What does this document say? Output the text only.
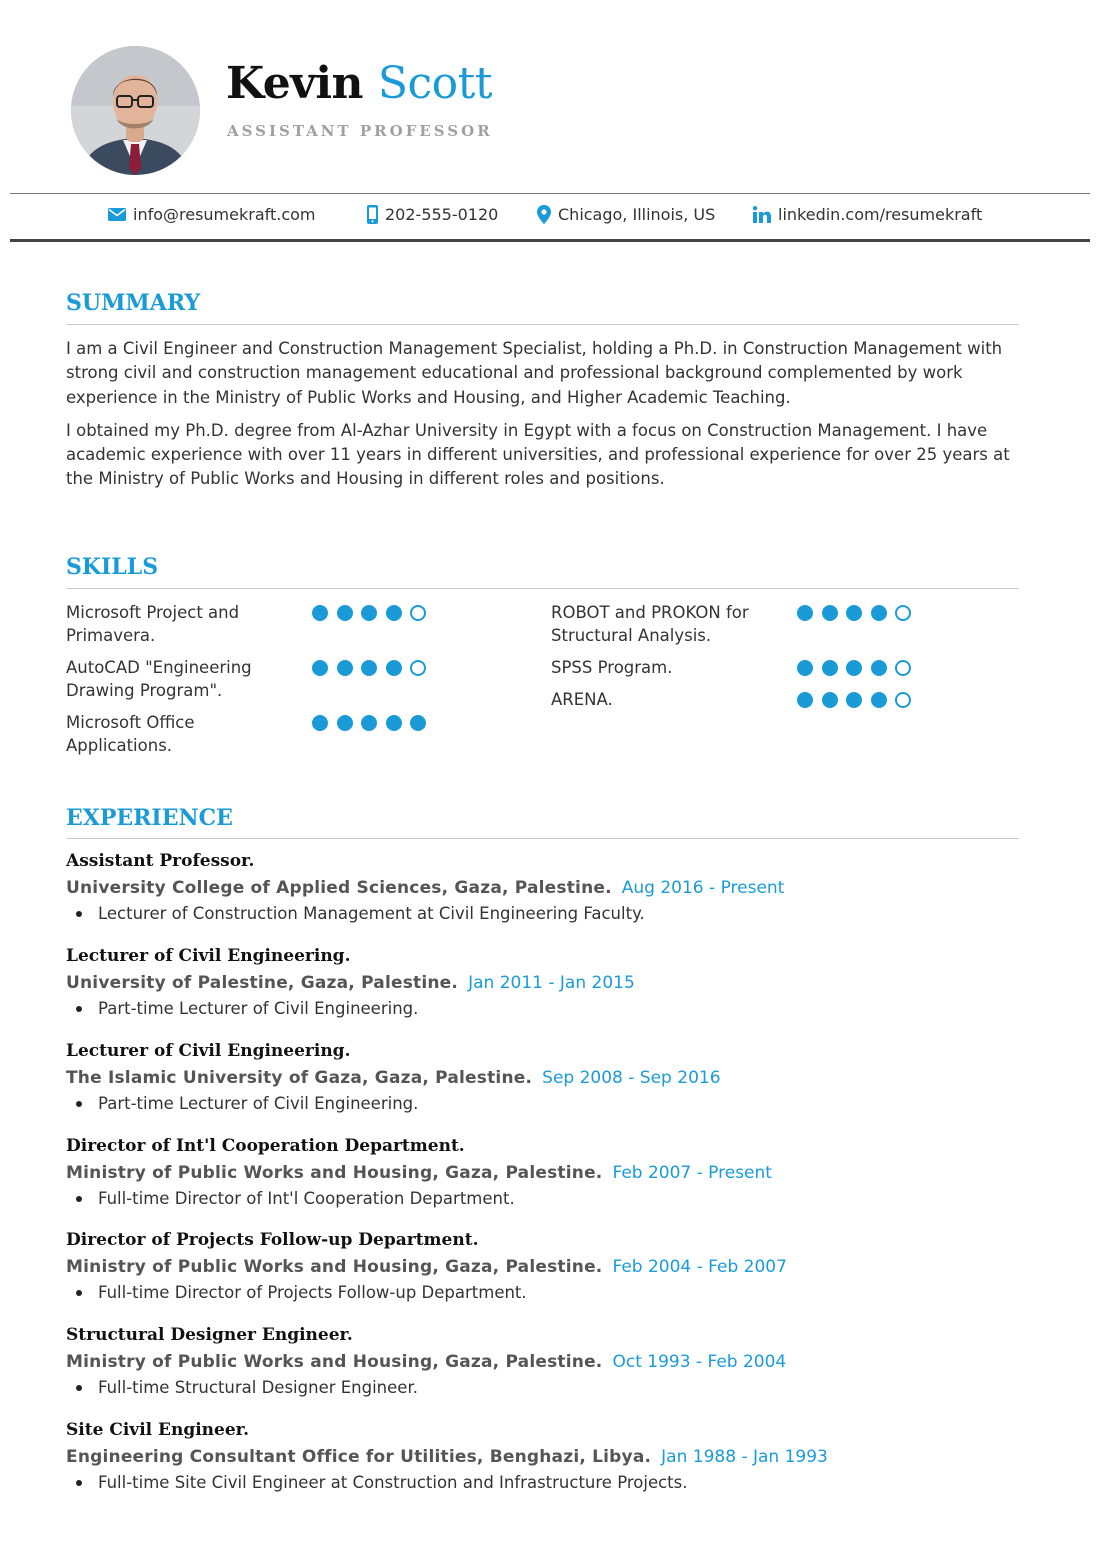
Kevin Scott
ASSISTANT PROFESSOR
info@resumekraft.com	202-555-0120	Chicago, Illinois, US	linkedin.com/resumekraft
SUMMARY

I am a Civil Engineer and Construction Management Specialist, holding a Ph.D. in Construction Management with strong civil and construction management educational and professional background complemented by work experience in the Ministry of Public Works and Housing, and Higher Academic Teaching.

I obtained my Ph.D. degree from Al-Azhar University in Egypt with a focus on Construction Management. I have academic experience with over 11 years in different universities, and professional experience for over 25 years at the Ministry of Public Works and Housing in different roles and positions.

SKILLS
Microsoft Project and Primavera.
AutoCAD "Engineering Drawing Program".
Microsoft Office Applications.
ROBOT and PROKON for Structural Analysis.
SPSS Program.
ARENA.
EXPERIENCE
Assistant Professor.
University College of Applied Sciences, Gaza, Palestine. Aug 2016 - Present
Lecturer of Construction Management at Civil Engineering Faculty.
Lecturer of Civil Engineering.
University of Palestine, Gaza, Palestine. Jan 2011 - Jan 2015
Part-time Lecturer of Civil Engineering.
Lecturer of Civil Engineering.
The Islamic University of Gaza, Gaza, Palestine. Sep 2008 - Sep 2016
Part-time Lecturer of Civil Engineering.
Director of Int'l Cooperation Department.
Ministry of Public Works and Housing, Gaza, Palestine. Feb 2007 - Present
Full-time Director of Int'l Cooperation Department.
Director of Projects Follow-up Department.
Ministry of Public Works and Housing, Gaza, Palestine. Feb 2004 - Feb 2007
Full-time Director of Projects Follow-up Department.
Structural Designer Engineer.
Ministry of Public Works and Housing, Gaza, Palestine. Oct 1993 - Feb 2004
Full-time Structural Designer Engineer.
Site Civil Engineer.
Engineering Consultant Office for Utilities, Benghazi, Libya. Jan 1988 - Jan 1993
Full-time Site Civil Engineer at Construction and Infrastructure Projects.
